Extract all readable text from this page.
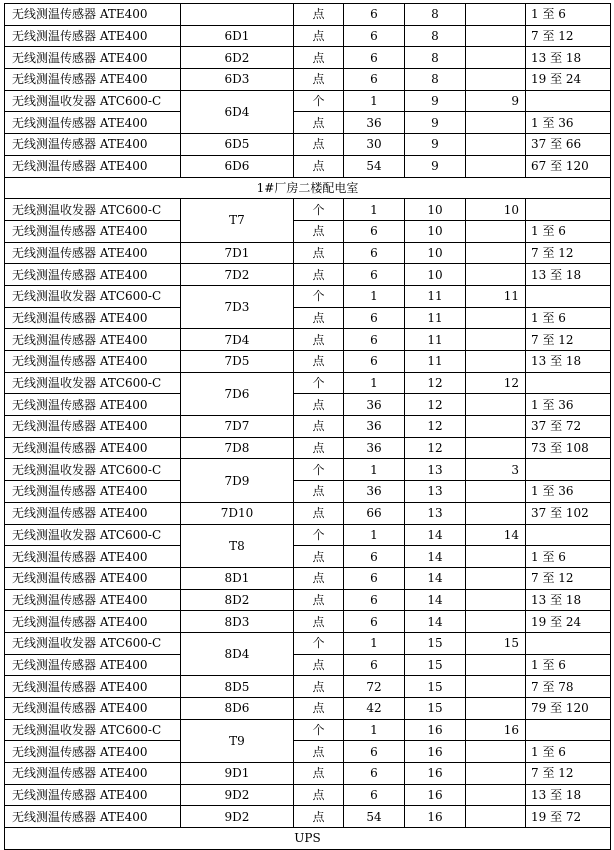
无线测温传感器 ATE400		点	6	8		1 至 6
无线测温传感器 ATE400	6D1	点	6	8		7 至 12
无线测温传感器 ATE400	6D2	点	6	8		13 至 18
无线测温传感器 ATE400	6D3	点	6	8		19 至 24
无线测温收发器 ATC600-C	6D4	个	1	9	9	
无线测温传感器 ATE400		点	36	9		1 至 36
无线测温传感器 ATE400	6D5	点	30	9		37 至 66
无线测温传感器 ATE400	6D6	点	54	9		67 至 120
1#厂房二楼配电室						
无线测温收发器 ATC600-C	T7	个	1	10	10	
无线测温传感器 ATE400		点	6	10		1 至 6
无线测温传感器 ATE400	7D1	点	6	10		7 至 12
无线测温传感器 ATE400	7D2	点	6	10		13 至 18
无线测温收发器 ATC600-C	7D3	个	1	11	11	
无线测温传感器 ATE400		点	6	11		1 至 6
无线测温传感器 ATE400	7D4	点	6	11		7 至 12
无线测温传感器 ATE400	7D5	点	6	11		13 至 18
无线测温收发器 ATC600-C	7D6	个	1	12	12	
无线测温传感器 ATE400		点	36	12		1 至 36
无线测温传感器 ATE400	7D7	点	36	12		37 至 72
无线测温传感器 ATE400	7D8	点	36	12		73 至 108
无线测温收发器 ATC600-C	7D9	个	1	13	3	
无线测温传感器 ATE400		点	36	13		1 至 36
无线测温传感器 ATE400	7D10	点	66	13		37 至 102
无线测温收发器 ATC600-C	T8	个	1	14	14	
无线测温传感器 ATE400		点	6	14		1 至 6
无线测温传感器 ATE400	8D1	点	6	14		7 至 12
无线测温传感器 ATE400	8D2	点	6	14		13 至 18
无线测温传感器 ATE400	8D3	点	6	14		19 至 24
无线测温收发器 ATC600-C	8D4	个	1	15	15	
无线测温传感器 ATE400		点	6	15		1 至 6
无线测温传感器 ATE400	8D5	点	72	15		7 至 78
无线测温传感器 ATE400	8D6	点	42	15		79 至 120
无线测温收发器 ATC600-C	T9	个	1	16	16	
无线测温传感器 ATE400		点	6	16		1 至 6
无线测温传感器 ATE400	9D1	点	6	16		7 至 12
无线测温传感器 ATE400	9D2	点	6	16		13 至 18
无线测温传感器 ATE400	9D2	点	54	16		19 至 72
UPS						
